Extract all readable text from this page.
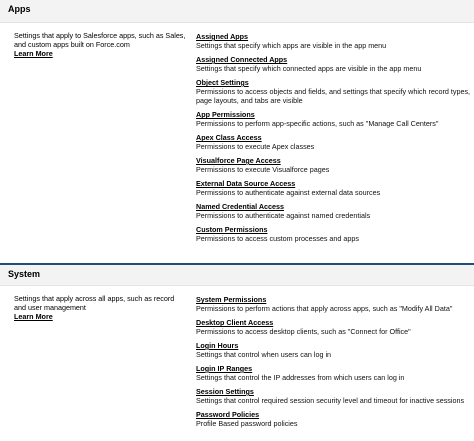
Apps
Settings that apply to Salesforce apps, such as Sales, and custom apps built on Force.com
Learn More
Assigned Apps
Settings that specify which apps are visible in the app menu
Assigned Connected Apps
Settings that specify which connected apps are visible in the app menu
Object Settings
Permissions to access objects and fields, and settings that specify which record types, page layouts, and tabs are visible
App Permissions
Permissions to perform app-specific actions, such as "Manage Call Centers"
Apex Class Access
Permissions to execute Apex classes
Visualforce Page Access
Permissions to execute Visualforce pages
External Data Source Access
Permissions to authenticate against external data sources
Named Credential Access
Permissions to authenticate against named credentials
Custom Permissions
Permissions to access custom processes and apps
System
Settings that apply across all apps, such as record and user management
Learn More
System Permissions
Permissions to perform actions that apply across apps, such as "Modify All Data"
Desktop Client Access
Permissions to access desktop clients, such as "Connect for Office"
Login Hours
Settings that control when users can log in
Login IP Ranges
Settings that control the IP addresses from which users can log in
Session Settings
Settings that control required session security level and timeout for inactive sessions
Password Policies
Profile Based password policies
